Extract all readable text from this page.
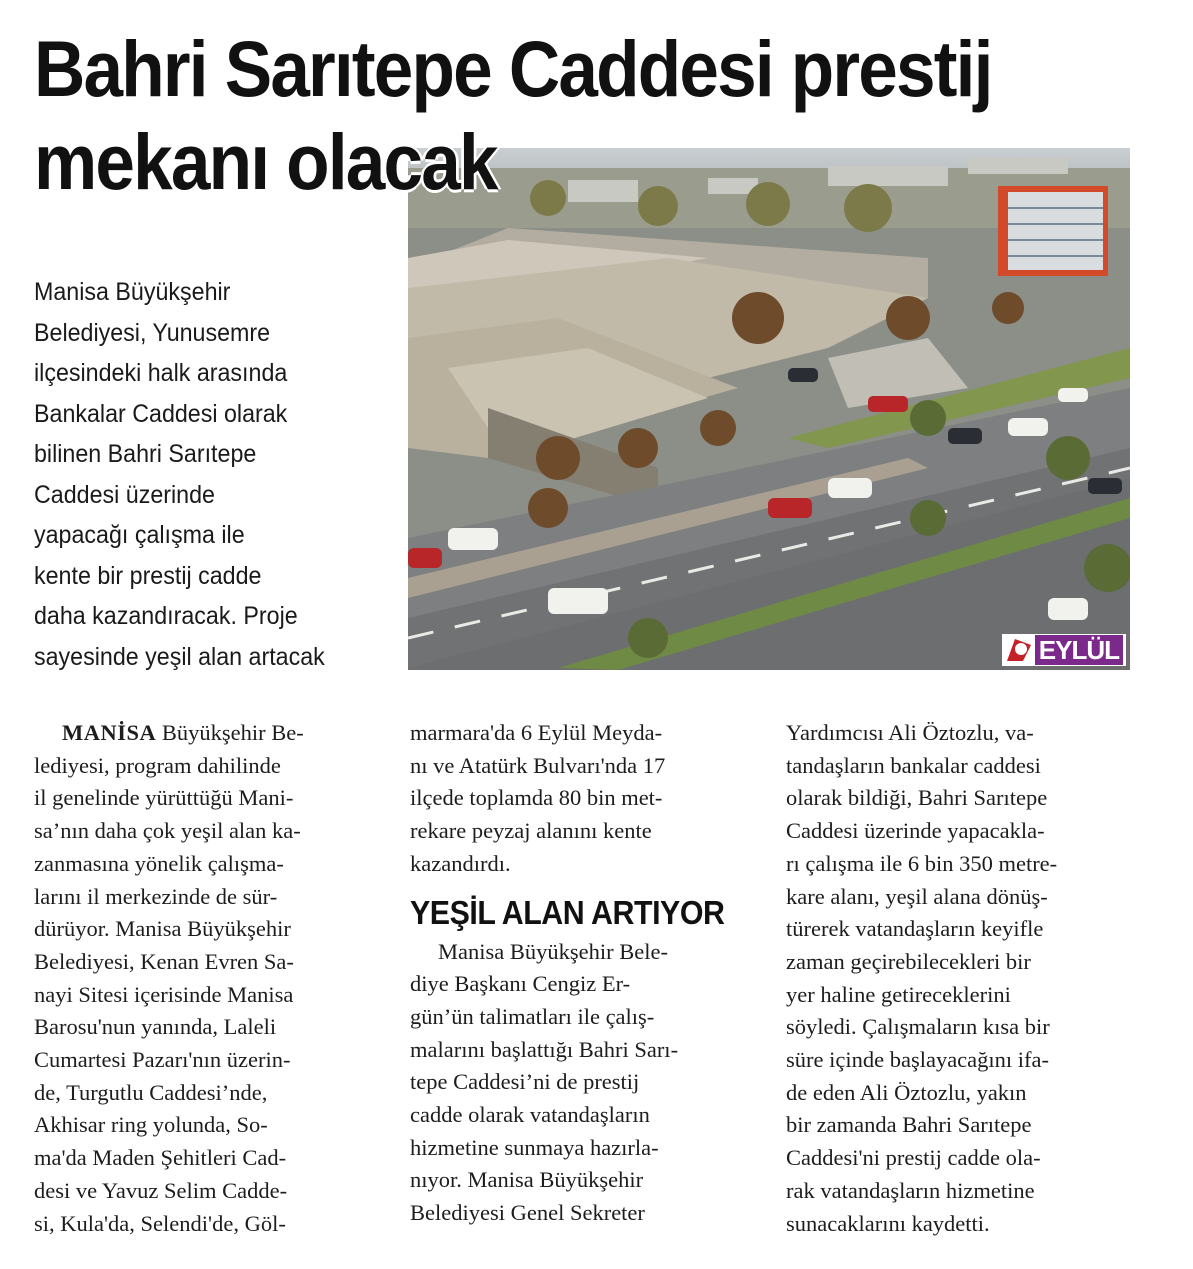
Bahri Sarıtepe Caddesi prestij
mekanı olacak
Manisa Büyükşehir
Belediyesi, Yunusemre
ilçesindeki halk arasında
Bankalar Caddesi olarak
bilinen Bahri Sarıtepe
Caddesi üzerinde
yapacağı çalışma ile
kente bir prestij cadde
daha kazandıracak. Proje
sayesinde yeşil alan artacak	EYLÜL
MANİSA Büyükşehir Be-
lediyesi, program dahilinde
il genelinde yürüttüğü Mani-
sa’nın daha çok yeşil alan ka-
zanmasına yönelik çalışma-
larını il merkezinde de sür-
dürüyor. Manisa Büyükşehir
Belediyesi, Kenan Evren Sa-
nayi Sitesi içerisinde Manisa
Barosu'nun yanında, Laleli
Cumartesi Pazarı'nın üzerin-
de, Turgutlu Caddesi’nde,
Akhisar ring yolunda, So-
ma'da Maden Şehitleri Cad-
desi ve Yavuz Selim Cadde-
si, Kula'da, Selendi'de, Göl-
marmara'da 6 Eylül Meyda-
nı ve Atatürk Bulvarı'nda 17
ilçede toplamda 80 bin met-
rekare peyzaj alanını kente
kazandırdı.
YEŞİL ALAN ARTIYOR
Manisa Büyükşehir Bele-
diye Başkanı Cengiz Er-
gün’ün talimatları ile çalış-
malarını başlattığı Bahri Sarı-
tepe Caddesi’ni de prestij
cadde olarak vatandaşların
hizmetine sunmaya hazırla-
nıyor. Manisa Büyükşehir
Belediyesi Genel Sekreter
Yardımcısı Ali Öztozlu, va-
tandaşların bankalar caddesi
olarak bildiği, Bahri Sarıtepe
Caddesi üzerinde yapacakla-
rı çalışma ile 6 bin 350 metre-
kare alanı, yeşil alana dönüş-
türerek vatandaşların keyifle
zaman geçirebilecekleri bir
yer haline getireceklerini
söyledi. Çalışmaların kısa bir
süre içinde başlayacağını ifa-
de eden Ali Öztozlu, yakın
bir zamanda Bahri Sarıtepe
Caddesi'ni prestij cadde ola-
rak vatandaşların hizmetine
sunacaklarını kaydetti.
